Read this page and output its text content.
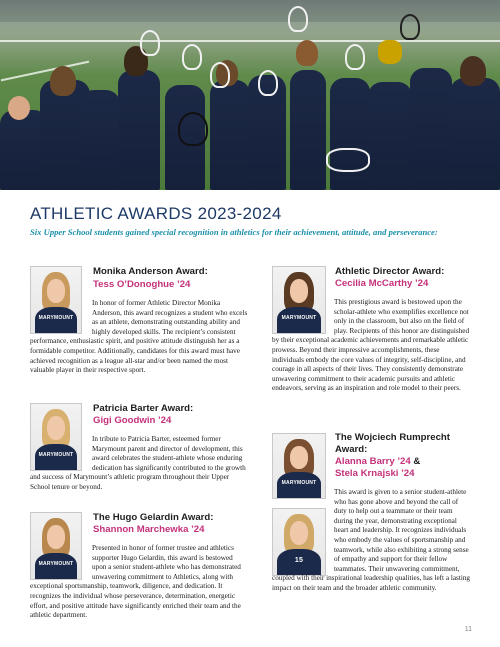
ATHLETIC AWARDS 2023-2024

Six Upper School students gained special recognition in athletics for their achievement, attitude, and perseverance:

MARYMOUNT

Monika Anderson Award:

Tess O’Donoghue ’24

In honor of former Athletic Director Monika Anderson, this award recognizes a student who excels as an athlete, demonstrating outstanding ability and highly developed skills. The recipient’s consistent performance, enthusiastic spirit, and positive attitude distinguish her as a formidable competitor. Additionally, candidates for this award must have achieved recognition as a league all-star and/or been named the most valuable player in their respective sport.

MARYMOUNT

Patricia Barter Award:

Gigi Goodwin ’24

In tribute to Patricia Barter, esteemed former Marymount parent and director of development, this award celebrates the student-athlete whose enduring dedication has significantly contributed to the growth and success of Marymount’s athletic program throughout their Upper School tenure or beyond.

MARYMOUNT

The Hugo Gelardin Award:

Shannon Marchewka ’24

Presented in honor of former trustee and athletics supporter Hugo Gelardin, this award is bestowed upon a senior student-athlete who has demonstrated unwavering commitment to Athletics, along with exceptional sportsmanship, teamwork, diligence, and dedication. It recognizes the individual whose perseverance, determination, energetic effort, and positive attitude have significantly enriched their team and the athletic department.

MARYMOUNT

Athletic Director Award:

Cecilia McCarthy ’24

This prestigious award is bestowed upon the scholar-athlete who exemplifies excellence not only in the classroom, but also on the field of play. Recipients of this honor are distinguished by their exceptional academic achievements and remarkable athletic prowess. Beyond their impressive accomplishments, these individuals embody the core values of integrity, self-discipline, and courage in all aspects of their lives. They consistently demonstrate unwavering commitment to their academic pursuits and athletic endeavors, serving as an inspiration and role model to their peers.

MARYMOUNT
15

The Wojciech Rumprecht

Award:

Alanna Barry ’24 &

Stela Krnajski ’24

This award is given to a senior student-athlete who has gone above and beyond the call of duty to help out a teammate or their team during the year, demonstrating exceptional heart and leadership. It recognizes individuals who embody the values of sportsmanship and teamwork, while also exhibiting a strong sense of empathy and support for their fellow teammates. Their unwavering commitment, coupled with their inspirational leadership qualities, has left a lasting impact on their team and the broader athletic community.

11
